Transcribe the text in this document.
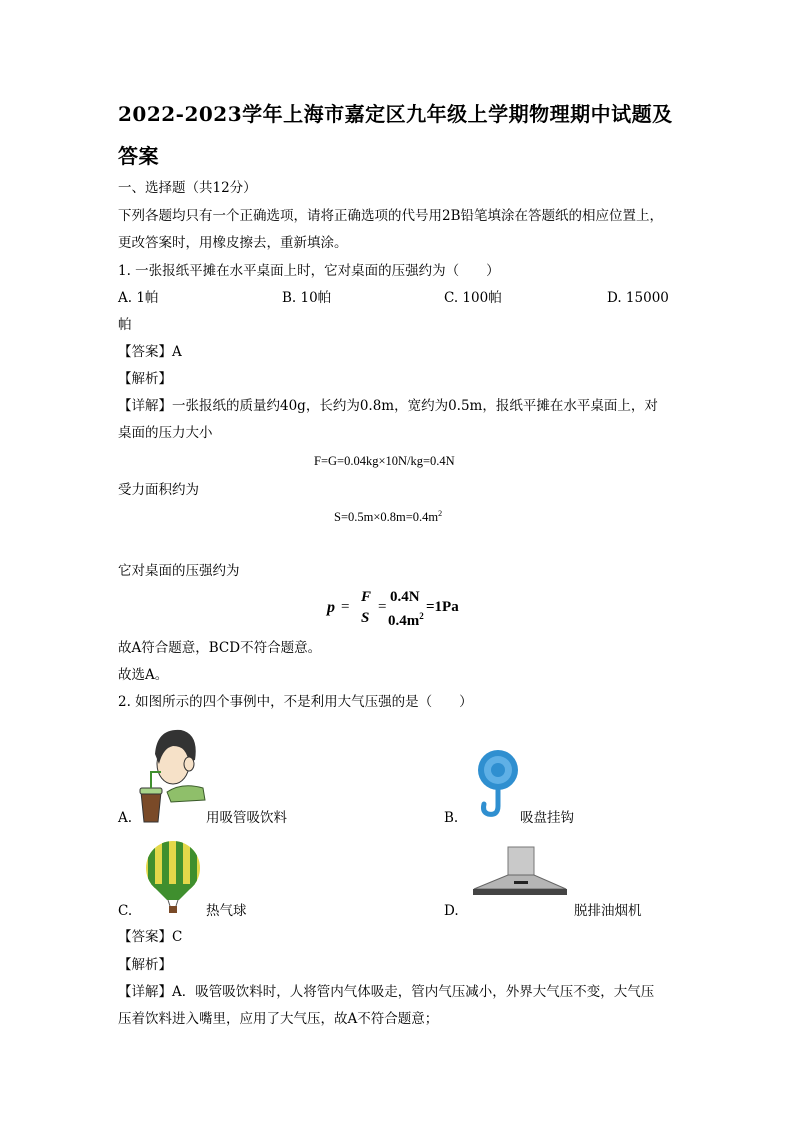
2022-2023学年上海市嘉定区九年级上学期物理期中试题及
答案
一、选择题（共12分）
下列各题均只有一个正确选项，请将正确选项的代号用2B铅笔填涂在答题纸的相应位置上，
更改答案时，用橡皮擦去，重新填涂。
1. 一张报纸平摊在水平桌面上时，它对桌面的压强约为（　　）
A. 1帕	B. 10帕	C. 100帕	D. 15000
帕
【答案】A
【解析】
【详解】一张报纸的质量约40g，长约为0.8m，宽约为0.5m，报纸平摊在水平桌面上，对
桌面的压力大小
F=G=0.04kg×10N/kg=0.4N
受力面积约为
$S=0.5m\times 0.8m=0.4m^2$
它对桌面的压强约为
p =
F
S
=
0.4N
$0.4m^2$
=1Pa
故A符合题意，BCD不符合题意。
故选A。
2. 如图所示的四个事例中，不是利用大气压强的是（　　）
A.	用吸管吸饮料	B.	吸盘挂钩
C.	热气球	D.	脱排油烟机
【答案】C
【解析】
【详解】A．吸管吸饮料时，人将管内气体吸走，管内气压减小，外界大气压不变，大气压
压着饮料进入嘴里，应用了大气压，故A不符合题意；
